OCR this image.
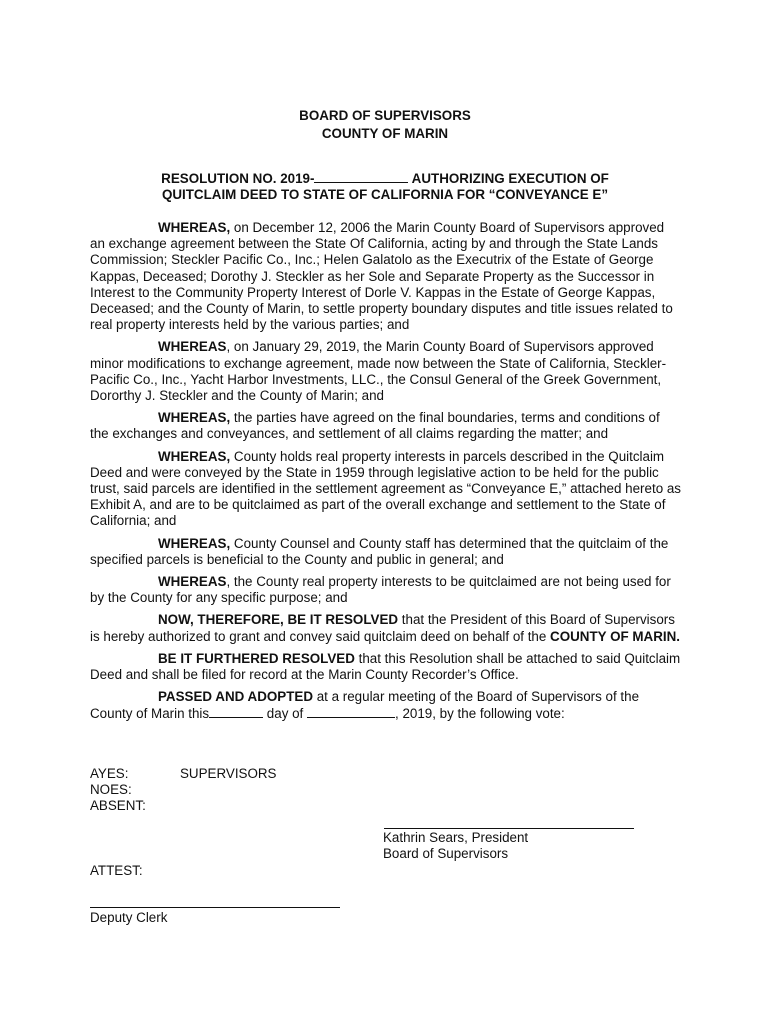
BOARD OF SUPERVISORS
COUNTY OF MARIN
RESOLUTION NO. 2019-	AUTHORIZING EXECUTION OF
QUITCLAIM DEED TO STATE OF CALIFORNIA FOR “CONVEYANCE E”

WHEREAS, on December 12, 2006 the Marin County Board of Supervisors approved an exchange agreement between the State Of California, acting by and through the State Lands Commission; Steckler Pacific Co., Inc.; Helen Galatolo as the Executrix of the Estate of George Kappas, Deceased; Dorothy J. Steckler as her Sole and Separate Property as the Successor in Interest to the Community Property Interest of Dorle V. Kappas in the Estate of George Kappas, Deceased; and the County of Marin, to settle property boundary disputes and title issues related to real property interests held by the various parties; and

WHEREAS, on January 29, 2019, the Marin County Board of Supervisors approved minor modifications to exchange agreement, made now between the State of California, Steckler-Pacific Co., Inc., Yacht Harbor Investments, LLC., the Consul General of the Greek Government, Dororthy J. Steckler and the County of Marin; and

WHEREAS, the parties have agreed on the final boundaries, terms and conditions of the exchanges and conveyances, and settlement of all claims regarding the matter; and

WHEREAS, County holds real property interests in parcels described in the Quitclaim Deed and were conveyed by the State in 1959 through legislative action to be held for the public trust, said parcels are identified in the settlement agreement as “Conveyance E,” attached hereto as Exhibit A, and are to be quitclaimed as part of the overall exchange and settlement to the State of California; and

WHEREAS, County Counsel and County staff has determined that the quitclaim of the specified parcels is beneficial to the County and public in general; and

WHEREAS, the County real property interests to be quitclaimed are not being used for by the County for any specific purpose; and

NOW, THEREFORE, BE IT RESOLVED that the President of this Board of Supervisors is hereby authorized to grant and convey said quitclaim deed on behalf of the COUNTY OF MARIN.

BE IT FURTHERED RESOLVED that this Resolution shall be attached to said Quitclaim Deed and shall be filed for record at the Marin County Recorder’s Office.

PASSED AND ADOPTED at a regular meeting of the Board of Supervisors of the County of Marin this	day of	, 2019, by the following vote:

AYES:	SUPERVISORS
NOES:
ABSENT:
Kathrin Sears, President
Board of Supervisors
ATTEST:
Deputy Clerk
